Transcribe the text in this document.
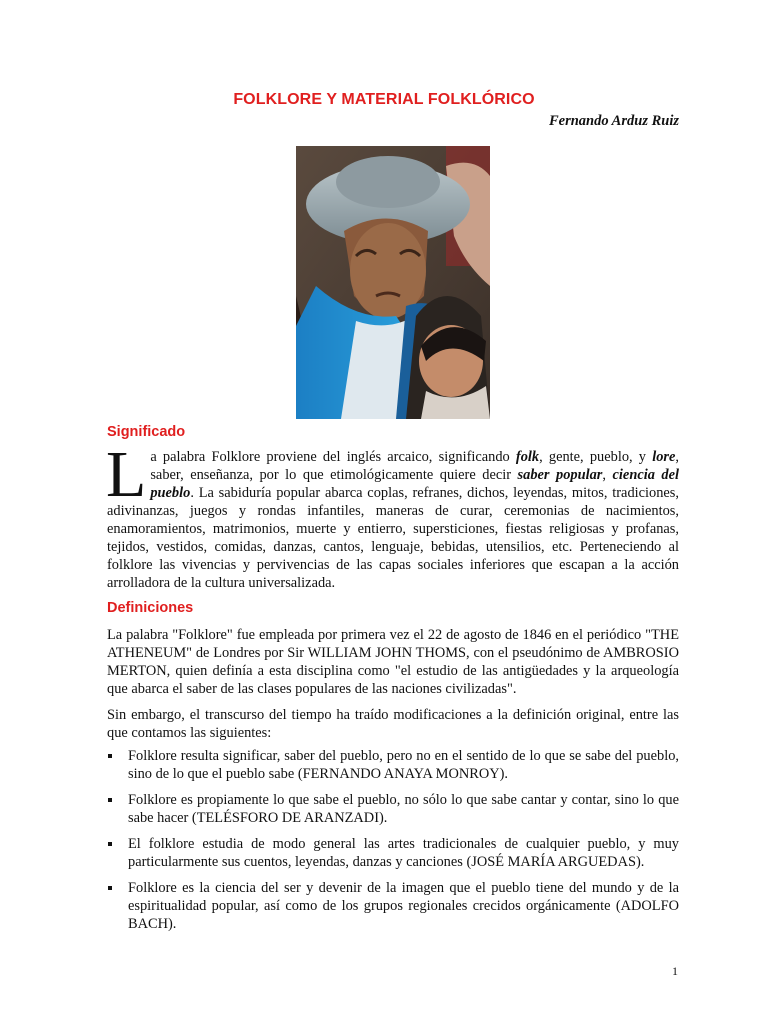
FOLKLORE Y MATERIAL FOLKLÓRICO
Fernando Arduz Ruiz
Significado

La palabra Folklore proviene del inglés arcaico, significando folk, gente, pueblo, y lore, saber, enseñanza, por lo que etimológicamente quiere decir saber popular, ciencia del pueblo. La sabiduría popular abarca coplas, refranes, dichos, leyendas, mitos, tradiciones, adivinanzas, juegos y rondas infantiles, maneras de curar, ceremonias de nacimientos, enamoramientos, matrimonios, muerte y entierro, supersticiones, fiestas religiosas y profanas, tejidos, vestidos, comidas, danzas, cantos, lenguaje, bebidas, utensilios, etc. Perteneciendo al folklore las vivencias y pervivencias de las capas sociales inferiores que escapan a la acción arrolladora de la cultura universalizada.

Definiciones

La palabra "Folklore" fue empleada por primera vez el 22 de agosto de 1846 en el periódico "THE ATHENEUM" de Londres por Sir WILLIAM JOHN THOMS, con el pseudónimo de AMBROSIO MERTON, quien definía a esta disciplina como "el estudio de las antigüedades y la arqueología que abarca el saber de las clases populares de las naciones civilizadas".

Sin embargo, el transcurso del tiempo ha traído modificaciones a la definición original, entre las que contamos las siguientes:

Folklore resulta significar, saber del pueblo, pero no en el sentido de lo que se sabe del pueblo, sino de lo que el pueblo sabe (FERNANDO ANAYA MONROY).
Folklore es propiamente lo que sabe el pueblo, no sólo lo que sabe cantar y contar, sino lo que sabe hacer (TELÉSFORO DE ARANZADI).
El folklore estudia de modo general las artes tradicionales de cualquier pueblo, y muy particularmente sus cuentos, leyendas, danzas y canciones (JOSÉ MARÍA ARGUEDAS).
Folklore es la ciencia del ser y devenir de la imagen que el pueblo tiene del mundo y de la espiritualidad popular, así como de los grupos regionales crecidos orgánicamente (ADOLFO BACH).
1
